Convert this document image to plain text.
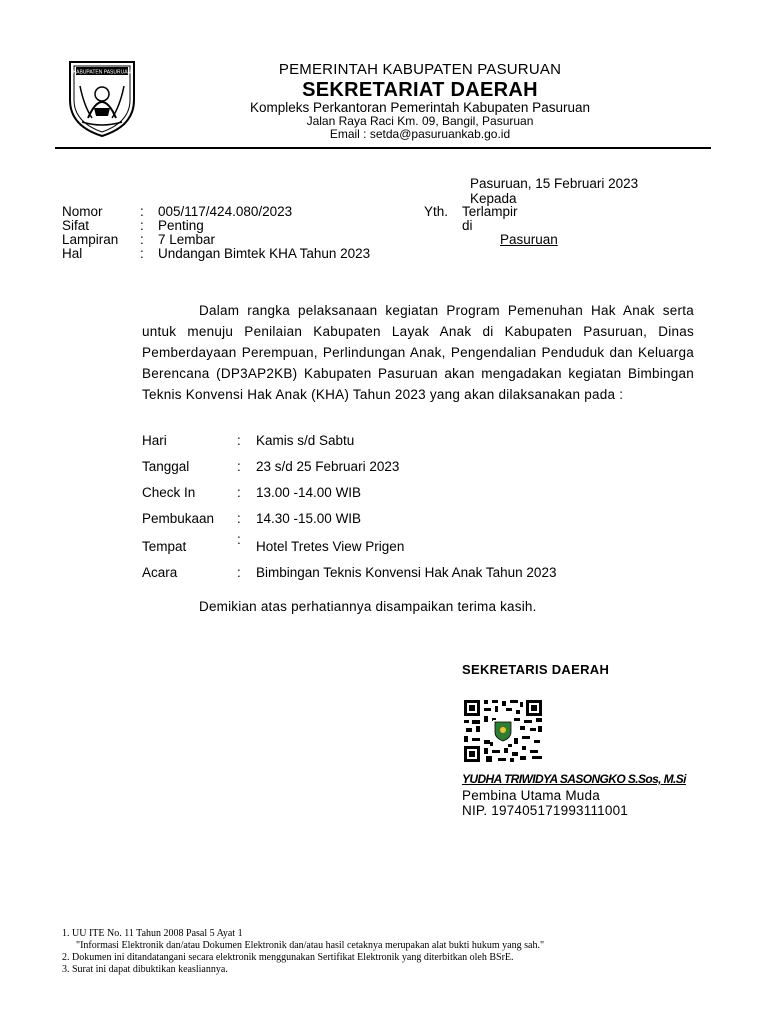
KABUPATEN PASURUAN	PEMERINTAH KABUPATEN PASURUAN
SEKRETARIAT DAERAH
Kompleks Perkantoran Pemerintah Kabupaten Pasuruan
Jalan Raya Raci Km. 09, Bangil, Pasuruan
Email : setda@pasuruankab.go.id
Pasuruan, 15 Februari 2023
Kepada
Yth. Terlampir
di
Pasuruan
Nomor	: 005/117/424.080/2023
Sifat	: Penting
Lampiran	: 7 Lembar
Hal	: Undangan Bimtek KHA Tahun 2023
Dalam rangka pelaksanaan kegiatan Program Pemenuhan Hak Anak serta untuk menuju Penilaian Kabupaten Layak Anak di Kabupaten Pasuruan, Dinas Pemberdayaan Perempuan, Perlindungan Anak, Pengendalian Penduduk dan Keluarga Berencana (DP3AP2KB) Kabupaten Pasuruan akan mengadakan kegiatan Bimbingan Teknis Konvensi Hak Anak (KHA) Tahun 2023 yang akan dilaksanakan pada :
Hari	: Kamis s/d Sabtu
Tanggal	: 23 s/d 25 Februari 2023
Check In	: 13.00 -14.00 WIB
Pembukaan : 14.30 -15.00 WIB
Tempat	: Hotel Tretes View Prigen
Acara	: Bimbingan Teknis Konvensi Hak Anak Tahun 2023
Demikian atas perhatiannya disampaikan terima kasih.
SEKRETARIS DAERAH
YUDHA TRIWIDYA SASONGKO S.Sos, M.Si
Pembina Utama Muda
NIP. 197405171993111001
1. UU ITE No. 11 Tahun 2008 Pasal 5 Ayat 1
"Informasi Elektronik dan/atau Dokumen Elektronik dan/atau hasil cetaknya merupakan alat bukti hukum yang sah."
2. Dokumen ini ditandatangani secara elektronik menggunakan Sertifikat Elektronik yang diterbitkan oleh BSrE.
3. Surat ini dapat dibuktikan keasliannya.
